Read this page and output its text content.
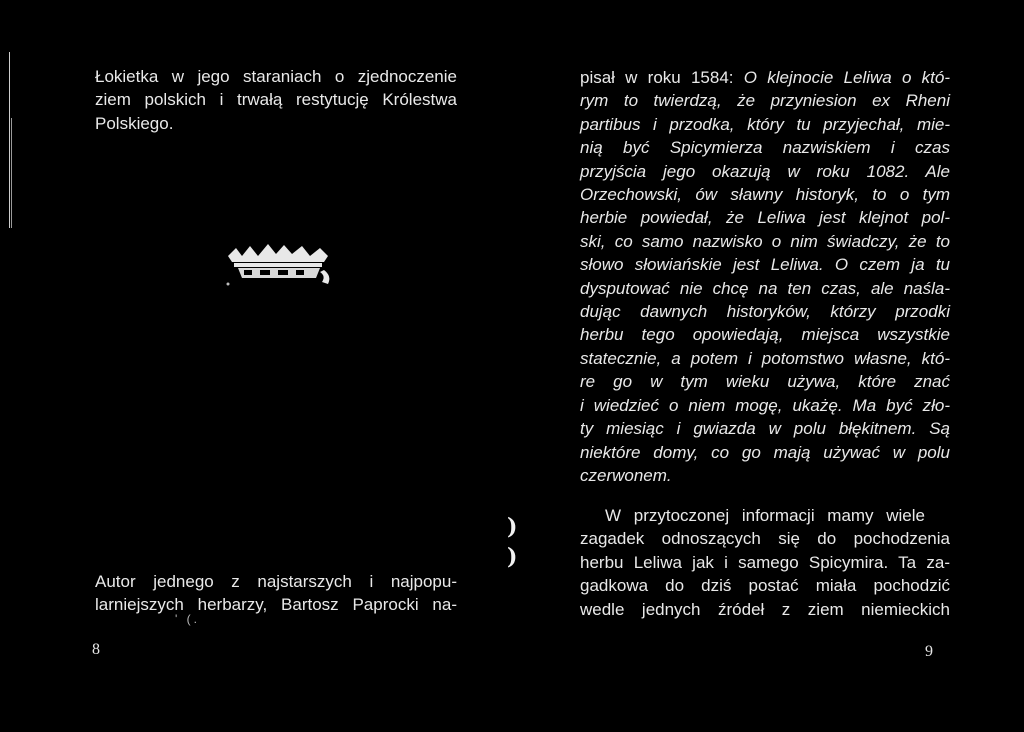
Łokietka w jego staraniach o zjednoczenie
ziem polskich i trwałą restytucję Królestwa
Polskiego.

Autor jednego z najstarszych i najpopu-
larniejszych herbarzy, Bartosz Paprocki na-

' (.
8
)
)

pisał w roku 1584: O klejnocie Leliwa o któ-
rym to twierdzą, że przyniesion ex Rheni
partibus i przodka, który tu przyjechał, mie-
nią być Spicymierza nazwiskiem i czas
przyjścia jego okazują w roku 1082. Ale
Orzechowski, ów sławny historyk, to o tym
herbie powiedał, że Leliwa jest klejnot pol-
ski, co samo nazwisko o nim świadczy, że to
słowo słowiańskie jest Leliwa. O czem ja tu
dysputować nie chcę na ten czas, ale naśla-
dując dawnych historyków, którzy przodki
herbu tego opowiedają, miejsca wszystkie
statecznie, a potem i potomstwo własne, któ-
re go w tym wieku używa, które znać
i wiedzieć o niem mogę, ukażę. Ma być zło-
ty miesiąc i gwiazda w polu błękitnem. Są
niektóre domy, co go mają używać w polu
czerwonem.

W przytoczonej informacji mamy wiele
zagadek odnoszących się do pochodzenia
herbu Leliwa jak i samego Spicymira. Ta za-
gadkowa do dziś postać miała pochodzić
wedle jednych źródeł z ziem niemieckich

9
